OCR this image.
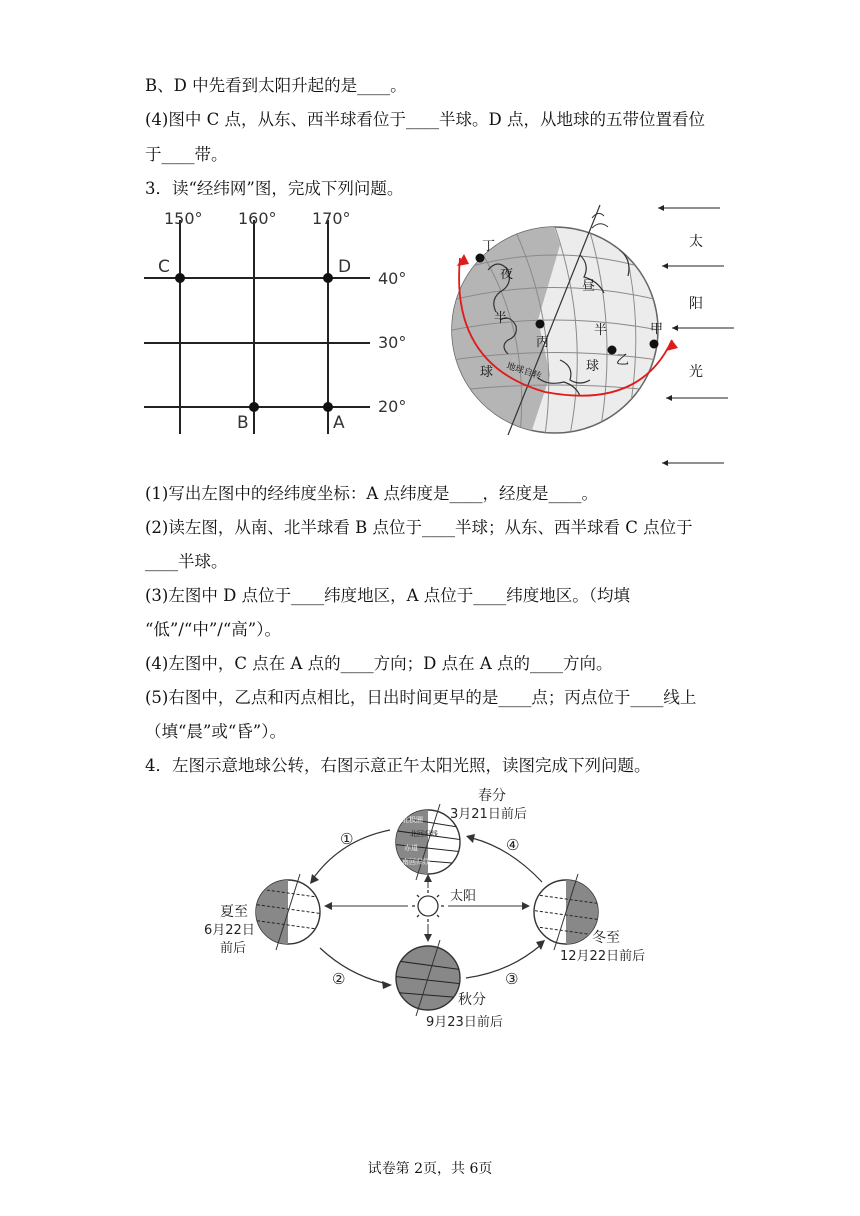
B、D 中先看到太阳升起的是____。
(4)图中 C 点，从东、西半球看位于____半球。D 点，从地球的五带位置看位
于____带。
3．读“经纬网”图，完成下列问题。
150° 160° 170°
40°
30°
20°
C	D
B	A
丁
丙
乙
甲
夜
半
球
昼
半
球
地球自转
太
阳
光
(1)写出左图中的经纬度坐标：A 点纬度是____，经度是____。
(2)读左图，从南、北半球看 B 点位于____半球；从东、西半球看 C 点位于
____半球。
(3)左图中 D 点位于____纬度地区，A 点位于____纬度地区。（均填
“低”/“中”/“高”）。
(4)左图中，C 点在 A 点的____方向；D 点在 A 点的____方向。
(5)右图中，乙点和丙点相比，日出时间更早的是____点；丙点位于____线上
（填“晨”或“昏”）。
4．左图示意地球公转，右图示意正午太阳光照，读图完成下列问题。
①
②	③
④
太阳
北极圈
北回归线
赤道
南回归线
春分
3月21日前后
夏至
6月22日
前后
秋分
9月23日前后
冬至
12月22日前后
试卷第 2页，共 6页
